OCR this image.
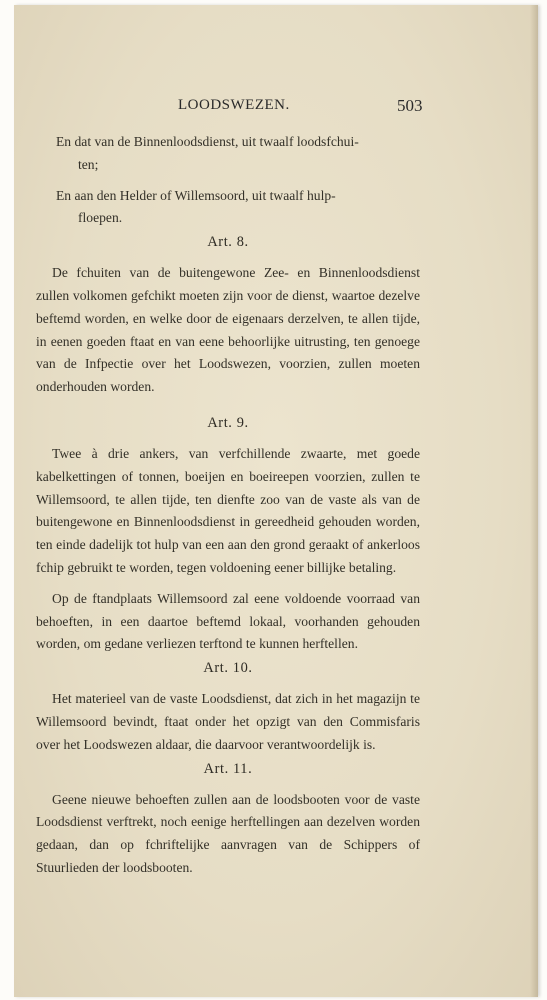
LOODSWEZEN.	503

En dat van de Binnenloodsdienst, uit twaalf loodsfchui-
ten;

En aan den Helder of Willemsoord, uit twaalf hulp-
floepen.

Art. 8.

De fchuiten van de buitengewone Zee- en Binnenloodsdienst zullen volkomen gefchikt moeten zijn voor de dienst, waartoe dezelve beftemd worden, en welke door de eigenaars derzelven, te allen tijde, in eenen goeden ftaat en van eene behoorlijke uitrusting, ten genoege van de Infpectie over het Loodswezen, voorzien, zullen moeten onderhouden worden.

Art. 9.

Twee à drie ankers, van verfchillende zwaarte, met goede kabelkettingen of tonnen, boeijen en boeireepen voorzien, zullen te Willemsoord, te allen tijde, ten dienfte zoo van de vaste als van de buitengewone en Binnenloodsdienst in gereedheid gehouden worden, ten einde dadelijk tot hulp van een aan den grond geraakt of ankerloos fchip gebruikt te worden, tegen voldoening eener billijke betaling.

Op de ftandplaats Willemsoord zal eene voldoende voorraad van behoeften, in een daartoe beftemd lokaal, voorhanden gehouden worden, om gedane verliezen terftond te kunnen herftellen.

Art. 10.

Het materieel van de vaste Loodsdienst, dat zich in het magazijn te Willemsoord bevindt, ftaat onder het opzigt van den Commisfaris over het Loodswezen aldaar, die daarvoor verantwoordelijk is.

Art. 11.

Geene nieuwe behoeften zullen aan de loodsbooten voor de vaste Loodsdienst verftrekt, noch eenige herftellingen aan dezelven worden gedaan, dan op fchriftelijke aanvragen van de Schippers of Stuurlieden der loodsbooten.
